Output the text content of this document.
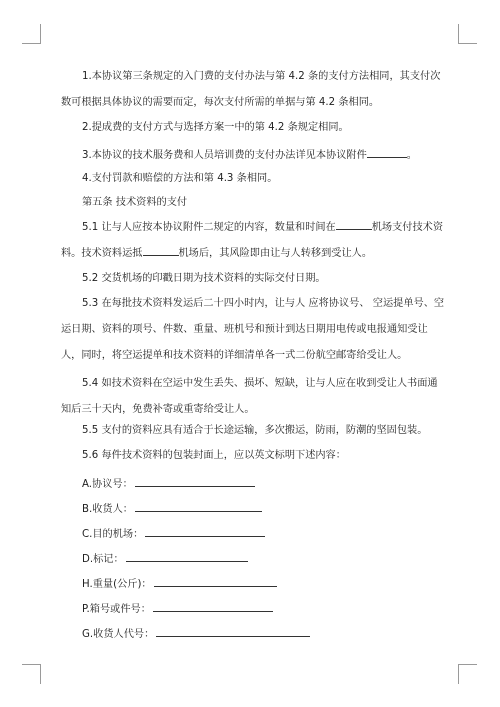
1.本协议第三条规定的入门费的支付办法与第 4.2 条的支付方法相同，其支付次数可根据具体协议的需要而定，每次支付所需的单据与第 4.2 条相同。
2.提成费的支付方式与选择方案一中的第 4.2 条规定相同。
3.本协议的技术服务费和人员培训费的支付办法详见本协议附件	。
4.支付罚款和赔偿的方法和第 4.3 条相同。
第五条 技术资料的支付
5.1 让与人应按本协议附件二规定的内容，数量和时间在	机场支付技术资料。技术资料运抵	机场后，其风险即由让与人转移到受让人。
5.2 交货机场的印戳日期为技术资料的实际交付日期。
5.3 在每批技术资料发运后二十四小时内，让与人 应将协议号、 空运提单号、空运日期、资料的项号、件数、重量、班机号和预计到达日期用电传或电报通知受让人，同时，将空运提单和技术资料的详细清单各一式二份航空邮寄给受让人。
5.4 如技术资料在空运中发生丢失、损坏、短缺，让与人应在收到受让人书面通知后三十天内，免费补寄或重寄给受让人。
5.5 支付的资料应具有适合于长途运输，多次搬运，防雨，防潮的坚固包装。
5.6 每件技术资料的包装封面上，应以英文标明下述内容：
A.协议号：
B.收货人：
C.目的机场：
D.标记：
H.重量(公斤)：
P.箱号或件号：
G.收货人代号：
